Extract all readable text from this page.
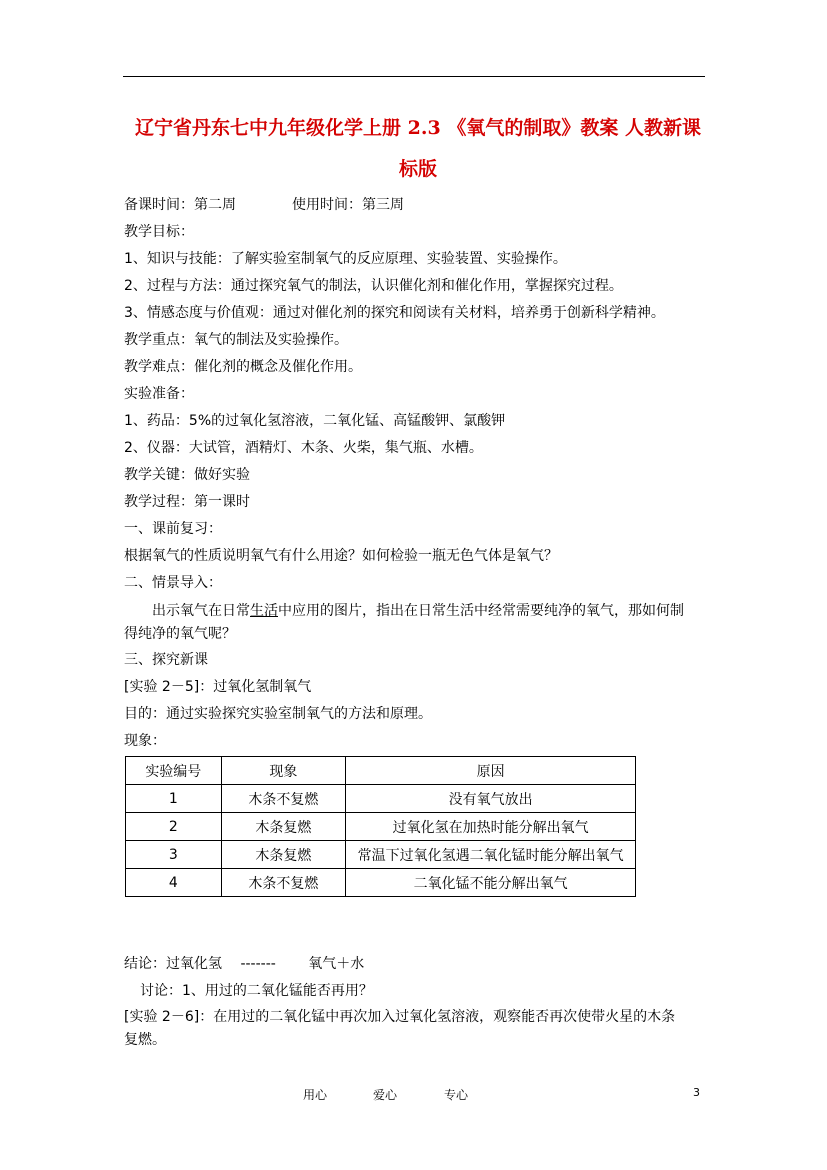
辽宁省丹东七中九年级化学上册 2.3 《氧气的制取》教案 人教新课
标版
备课时间：第二周　　　　使用时间：第三周
教学目标：
1、知识与技能：了解实验室制氧气的反应原理、实验装置、实验操作。
2、过程与方法：通过探究氧气的制法，认识催化剂和催化作用，掌握探究过程。
3、情感态度与价值观：通过对催化剂的探究和阅读有关材料，培养勇于创新科学精神。
教学重点：氧气的制法及实验操作。
教学难点：催化剂的概念及催化作用。
实验准备：
1、药品：5%的过氧化氢溶液，二氧化锰、高锰酸钾、氯酸钾
2、仪器：大试管，酒精灯、木条、火柴，集气瓶、水槽。
教学关键：做好实验
教学过程：第一课时
一、课前复习：
根据氧气的性质说明氧气有什么用途？如何检验一瓶无色气体是氧气？
二、情景导入：
出示氧气在日常生活中应用的图片，指出在日常生活中经常需要纯净的氧气，那如何制
得纯净的氧气呢？
三、探究新课
[实验 2－5]：过氧化氢制氧气
目的：通过实验探究实验室制氧气的方法和原理。
现象：
实验编号	现象	原因
1	木条不复燃	没有氧气放出
2	木条复燃	过氧化氢在加热时能分解出氧气
3	木条复燃	常温下过氧化氢遇二氧化锰时能分解出氧气
4	木条不复燃	二氧化锰不能分解出氧气
结论：过氧化氢　 -------　　 氧气＋水
讨论：1、用过的二氧化锰能否再用？
[实验 2－6]：在用过的二氧化锰中再次加入过氧化氢溶液，观察能否再次使带火星的木条
复燃。
用心	爱心	专心	3
